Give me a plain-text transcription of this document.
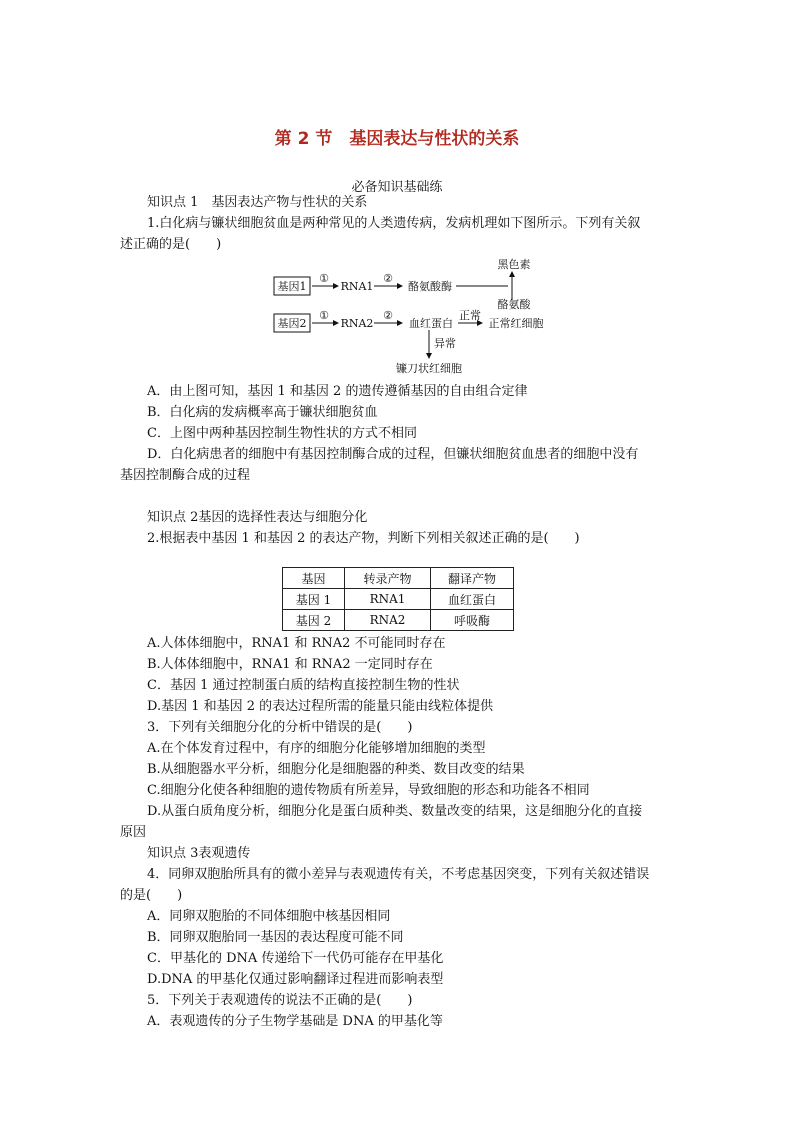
第 2 节　基因表达与性状的关系
必备知识基础练
知识点 1　基因表达产物与性状的关系
1.白化病与镰状细胞贫血是两种常见的人类遗传病，发病机理如下图所示。下列有关叙
述正确的是(　　)
基因1
①
RNA1
②
酪氨酸酶
黑色素
酪氨酸
基因2
①
RNA2
②
血红蛋白
正常
正常红细胞
异常
镰刀状红细胞
A．由上图可知，基因 1 和基因 2 的遗传遵循基因的自由组合定律
B．白化病的发病概率高于镰状细胞贫血
C．上图中两种基因控制生物性状的方式不相同
D．白化病患者的细胞中有基因控制酶合成的过程，但镰状细胞贫血患者的细胞中没有
基因控制酶合成的过程
知识点 2基因的选择性表达与细胞分化
2.根据表中基因 1 和基因 2 的表达产物，判断下列相关叙述正确的是(　　)
基因	转录产物	翻译产物
基因 1	RNA1	血红蛋白
基因 2	RNA2	呼吸酶
A.人体体细胞中，RNA1 和 RNA2 不可能同时存在
B.人体体细胞中，RNA1 和 RNA2 一定同时存在
C．基因 1 通过控制蛋白质的结构直接控制生物的性状
D.基因 1 和基因 2 的表达过程所需的能量只能由线粒体提供
3．下列有关细胞分化的分析中错误的是(　　)
A.在个体发育过程中，有序的细胞分化能够增加细胞的类型
B.从细胞器水平分析，细胞分化是细胞器的种类、数目改变的结果
C.细胞分化使各种细胞的遗传物质有所差异，导致细胞的形态和功能各不相同
D.从蛋白质角度分析，细胞分化是蛋白质种类、数量改变的结果，这是细胞分化的直接
原因
知识点 3表观遗传
4．同卵双胞胎所具有的微小差异与表观遗传有关，不考虑基因突变，下列有关叙述错误
的是(　　)
A．同卵双胞胎的不同体细胞中核基因相同
B．同卵双胞胎同一基因的表达程度可能不同
C．甲基化的 DNA 传递给下一代仍可能存在甲基化
D.DNA 的甲基化仅通过影响翻译过程进而影响表型
5．下列关于表观遗传的说法不正确的是(　　)
A．表观遗传的分子生物学基础是 DNA 的甲基化等
